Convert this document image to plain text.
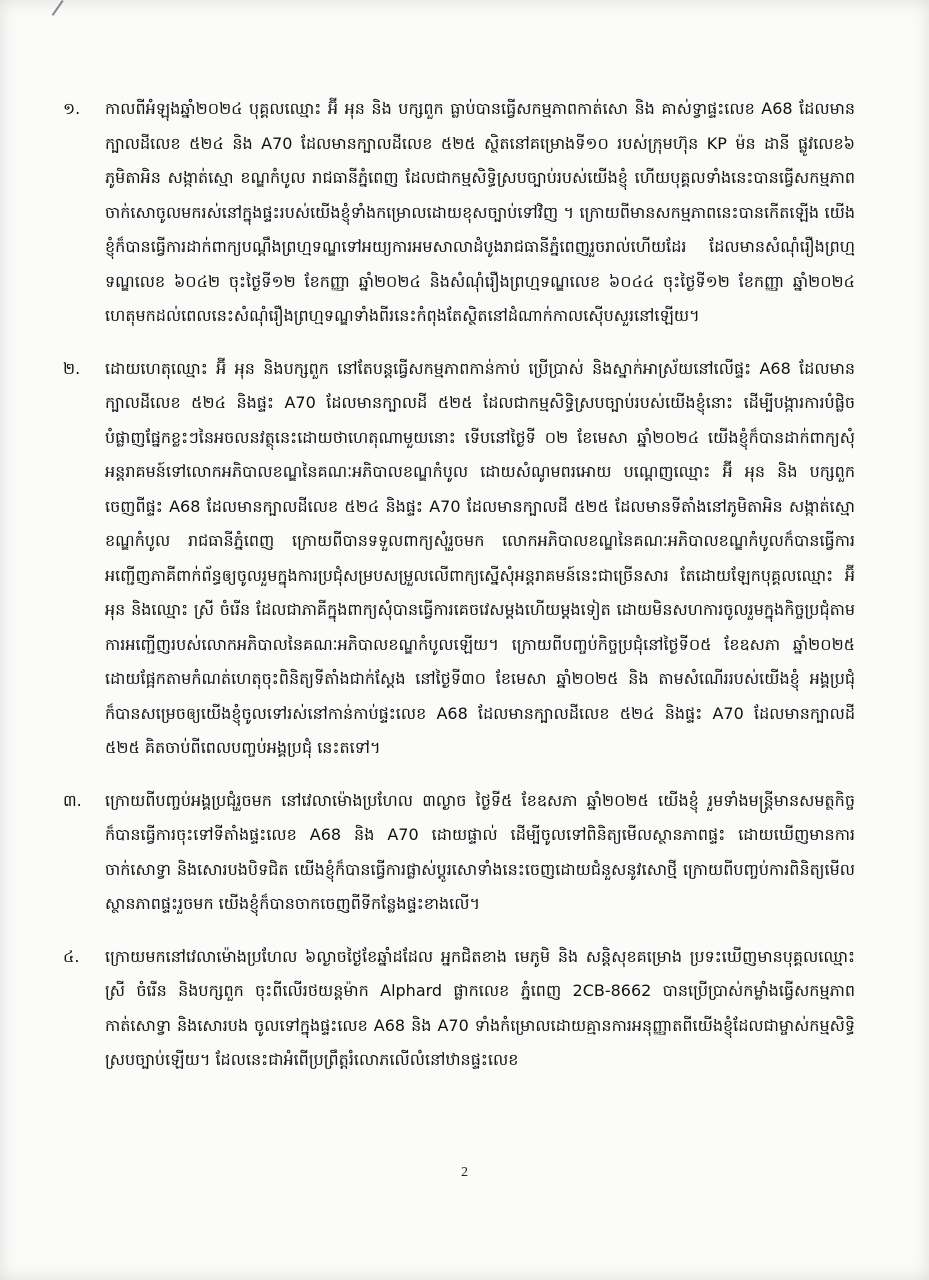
១.	កាលពីអំឡុងឆ្នាំ២០២៤ បុគ្គលឈ្មោះ អ៊ី អុន និង បក្សពួក ធ្លាប់បានធ្វើសកម្មភាពកាត់សោ និង គាស់ទ្វាផ្ទះលេខ A68 ដែលមានក្បាលដីលេខ ៥២៤ និង A70 ដែលមានក្បាលដីលេខ ៥២៥ ស្ថិតនៅគម្រោងទី១០ របស់ក្រុមហ៊ុន KP ម៉ន ដានី ផ្លូវលេខ៦ ភូមិតាអិន សង្កាត់ស្មោ ខណ្ឌកំបូល រាជធានីភ្នំពេញ ដែលជាកម្មសិទ្ធិស្របច្បាប់របស់យើងខ្ញុំ ហើយបុគ្គលទាំងនេះបានធ្វើសកម្មភាពចាក់សោចូលមករស់នៅក្នុងផ្ទះរបស់យើងខ្ញុំទាំងកម្រោលដោយខុសច្បាប់ទៅវិញ ។ ក្រោយពីមានសកម្មភាពនេះបានកើតឡើង យើងខ្ញុំក៏បានធ្វើការដាក់ពាក្យបណ្តឹងព្រហ្មទណ្ឌទៅអយ្យការអមសាលាដំបូងរាជធានីភ្នំពេញរួចរាល់ហើយដែរ ដែលមានសំណុំរឿងព្រហ្មទណ្ឌលេខ ៦០៤២ ចុះថ្ងៃទី១២ ខែកញ្ញា ឆ្នាំ២០២៤ និងសំណុំរឿងព្រហ្មទណ្ឌលេខ ៦០៤៤ ចុះថ្ងៃទី១២ ខែកញ្ញា ឆ្នាំ២០២៤ ហេតុមកដល់ពេលនេះសំណុំរឿងព្រហ្មទណ្ឌទាំងពីរនេះកំពុងតែស្ថិតនៅដំណាក់កាលស៊ើបសួរនៅឡើយ។
២.	ដោយហេតុឈ្មោះ អ៊ី អុន និងបក្សពួក នៅតែបន្តធ្វើសកម្មភាពកាន់កាប់ ប្រើប្រាស់ និងស្នាក់អាស្រ័យនៅលើផ្ទះ A68 ដែលមានក្បាលដីលេខ ៥២៤ និងផ្ទះ A70 ដែលមានក្បាលដី ៥២៥ ដែលជាកម្មសិទ្ធិស្របច្បាប់របស់យើងខ្ញុំនោះ ដើម្បីបង្ការការបំផ្លិចបំផ្លាញផ្នែកខ្លះៗនៃអចលនវត្ថុនេះដោយថាហេតុណាមួយនោះ ទើបនៅថ្ងៃទី ០២ ខែមេសា ឆ្នាំ២០២៤ យើងខ្ញុំក៏បានដាក់ពាក្យសុំអន្តរាគមន៍ទៅលោកអភិបាលខណ្ឌនៃគណៈអភិបាលខណ្ឌកំបូល ដោយសំណូមពរអោយ បណ្តេញឈ្មោះ អ៊ី អុន និង បក្សពួក ចេញពីផ្ទះ A68 ដែលមានក្បាលដីលេខ ៥២៤ និងផ្ទះ A70 ដែលមានក្បាលដី ៥២៥ ដែលមានទីតាំងនៅភូមិតាអិន សង្កាត់ស្មោ ខណ្ឌកំបូល រាជធានីភ្នំពេញ ក្រោយពីបានទទួលពាក្យសុំរួចមក លោកអភិបាលខណ្ឌនៃគណៈអភិបាលខណ្ឌកំបូលក៏បានធ្វើការអញ្ជើញភាគីពាក់ព័ន្ធឲ្យចូលរួមក្នុងការប្រជុំសម្របសម្រួលលើពាក្យស្នើសុំអន្តរាគមន៍នេះជាច្រើនសារ តែដោយឡែកបុគ្គលឈ្មោះ អ៊ី អុន និងឈ្មោះ ស្រី ចំរើន ដែលជាភាគីក្នុងពាក្យសុំបានធ្វើការគេចវេសម្តងហើយម្តងទៀត ដោយមិនសហការចូលរួមក្នុងកិច្ចប្រជុំតាមការអញ្ជើញរបស់លោកអភិបាលនៃគណៈអភិបាលខណ្ឌកំបូលឡើយ។ ក្រោយពីបញ្ចប់កិច្ចប្រជុំនៅថ្ងៃទី០៥ ខែឧសភា ឆ្នាំ២០២៥ ដោយផ្អែកតាមកំណត់ហេតុចុះពិនិត្យទីតាំងជាក់ស្តែង នៅថ្ងៃទី៣០ ខែមេសា ឆ្នាំ២០២៥ និង តាមសំណើររបស់យើងខ្ញុំ អង្គប្រជុំក៏បានសម្រេចឲ្យយើងខ្ញុំចូលទៅរស់នៅកាន់កាប់ផ្ទះលេខ A68 ដែលមានក្បាលដីលេខ ៥២៤ និងផ្ទះ A70 ដែលមានក្បាលដី ៥២៥ គិតចាប់ពីពេលបញ្ចប់អង្គប្រជុំ នេះតទៅ។
៣.	ក្រោយពីបញ្ចប់អង្គប្រជុំរួចមក នៅវេលាម៉ោងប្រហែល ៣ល្ងាច ថ្ងៃទី៥ ខែឧសភា ឆ្នាំ២០២៥ យើងខ្ញុំ រួមទាំងមន្ត្រីមានសមត្ថកិច្ច ក៏បានធ្វើការចុះទៅទីតាំងផ្ទះលេខ A68 និង A70 ដោយផ្ទាល់ ដើម្បីចូលទៅពិនិត្យមើលស្ថានភាពផ្ទះ ដោយឃើញមានការចាក់សោទ្វា និងសោរបងបិទជិត យើងខ្ញុំក៏បានធ្វើការផ្លាស់ប្តូរសោទាំងនេះចេញដោយជំនួសនូវសោថ្មី ក្រោយពីបញ្ចប់ការពិនិត្យមើលស្ថានភាពផ្ទះរួចមក យើងខ្ញុំក៏បានចាកចេញពីទីកន្លែងផ្ទះខាងលើ។
៤.	ក្រោយមកនៅវេលាម៉ោងប្រហែល ៦ល្ងាចថ្ងៃខែឆ្នាំដដែល អ្នកជិតខាង មេភូមិ និង សន្តិសុខគម្រោង ប្រទះឃើញមានបុគ្គលឈ្មោះ ស្រី ចំរើន និងបក្សពួក ចុះពីលើរថយន្តម៉ាក Alphard ផ្លាកលេខ ភ្នំពេញ 2CB-8662 បានប្រើប្រាស់កម្លាំងធ្វើសកម្មភាពកាត់សោទ្វា និងសោរបង ចូលទៅក្នុងផ្ទះលេខ A68 និង A70 ទាំងកំម្រោលដោយគ្មានការអនុញ្ញាតពីយើងខ្ញុំដែលជាម្ចាស់កម្មសិទ្ធិស្របច្បាប់ឡើយ។ ដែលនេះជាអំពើប្រព្រឹត្តរំលោភលើលំនៅឋានផ្ទះលេខ
2
